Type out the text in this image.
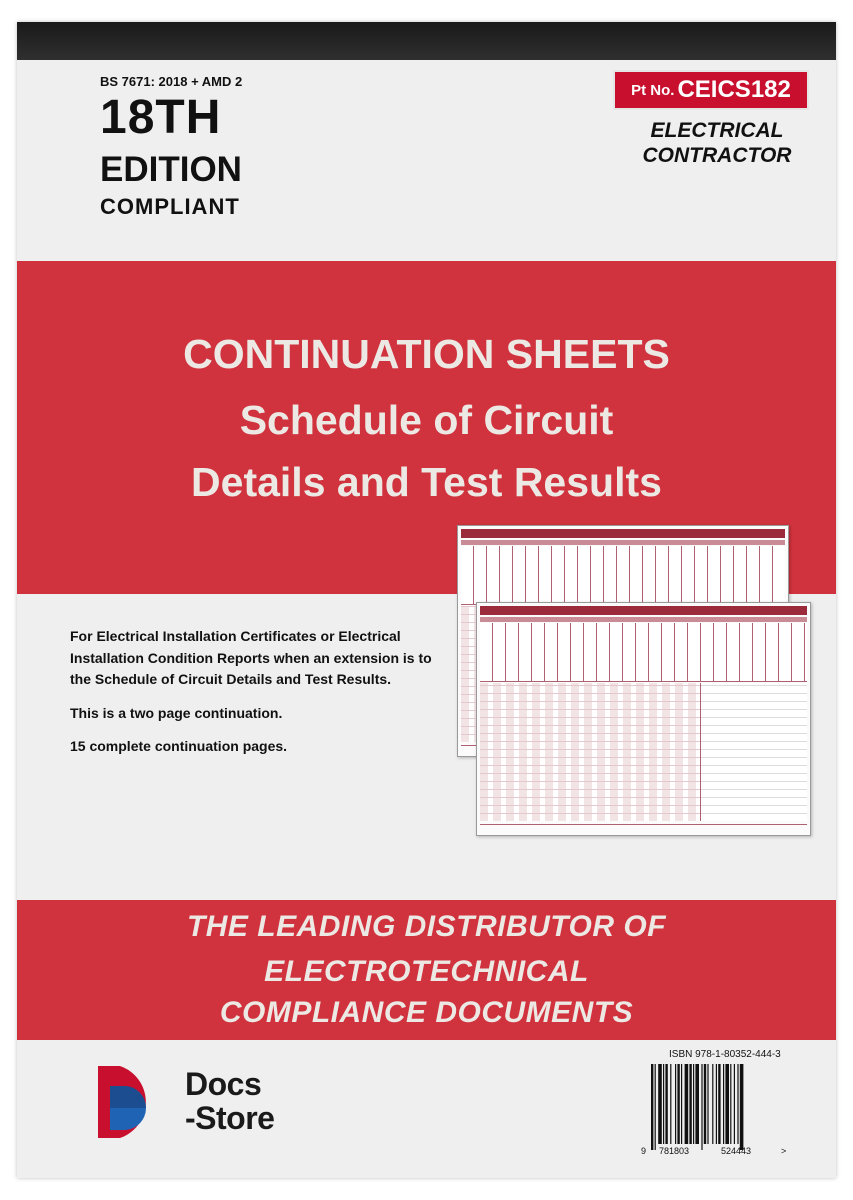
BS 7671: 2018 + AMD 2
18TH
EDITION
COMPLIANT
Pt No. CEICS182
ELECTRICAL
CONTRACTOR
CONTINUATION SHEETS
Schedule of Circuit
Details and Test Results

For Electrical Installation Certificates or Electrical Installation Condition Reports when an extension is to the Schedule of Circuit Details and Test Results.

This is a two page continuation.

15 complete continuation pages.

THE LEADING DISTRIBUTOR OF
ELECTROTECHNICAL
COMPLIANCE DOCUMENTS
Docs
-Store
ISBN 978-1-80352-444-3
9 781803	524443	>
